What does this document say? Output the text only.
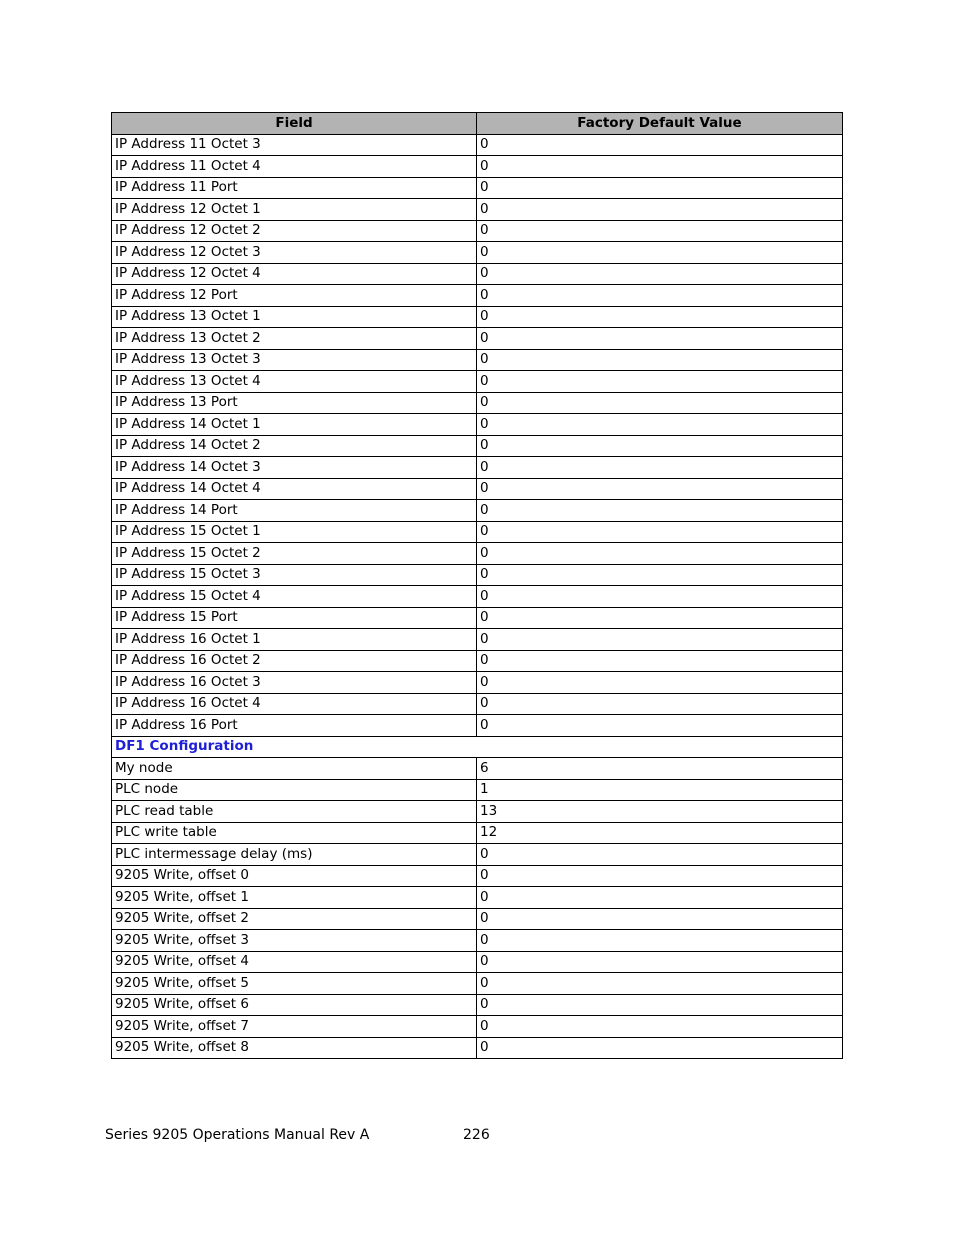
Field	Factory Default Value
IP Address 11 Octet 3	0
IP Address 11 Octet 4	0
IP Address 11 Port	0
IP Address 12 Octet 1	0
IP Address 12 Octet 2	0
IP Address 12 Octet 3	0
IP Address 12 Octet 4	0
IP Address 12 Port	0
IP Address 13 Octet 1	0
IP Address 13 Octet 2	0
IP Address 13 Octet 3	0
IP Address 13 Octet 4	0
IP Address 13 Port	0
IP Address 14 Octet 1	0
IP Address 14 Octet 2	0
IP Address 14 Octet 3	0
IP Address 14 Octet 4	0
IP Address 14 Port	0
IP Address 15 Octet 1	0
IP Address 15 Octet 2	0
IP Address 15 Octet 3	0
IP Address 15 Octet 4	0
IP Address 15 Port	0
IP Address 16 Octet 1	0
IP Address 16 Octet 2	0
IP Address 16 Octet 3	0
IP Address 16 Octet 4	0
IP Address 16 Port	0
DF1 Configuration	
My node	6
PLC node	1
PLC read table	13
PLC write table	12
PLC intermessage delay (ms)	0
9205 Write, offset 0	0
9205 Write, offset 1	0
9205 Write, offset 2	0
9205 Write, offset 3	0
9205 Write, offset 4	0
9205 Write, offset 5	0
9205 Write, offset 6	0
9205 Write, offset 7	0
9205 Write, offset 8	0
Series 9205 Operations Manual Rev A	226
